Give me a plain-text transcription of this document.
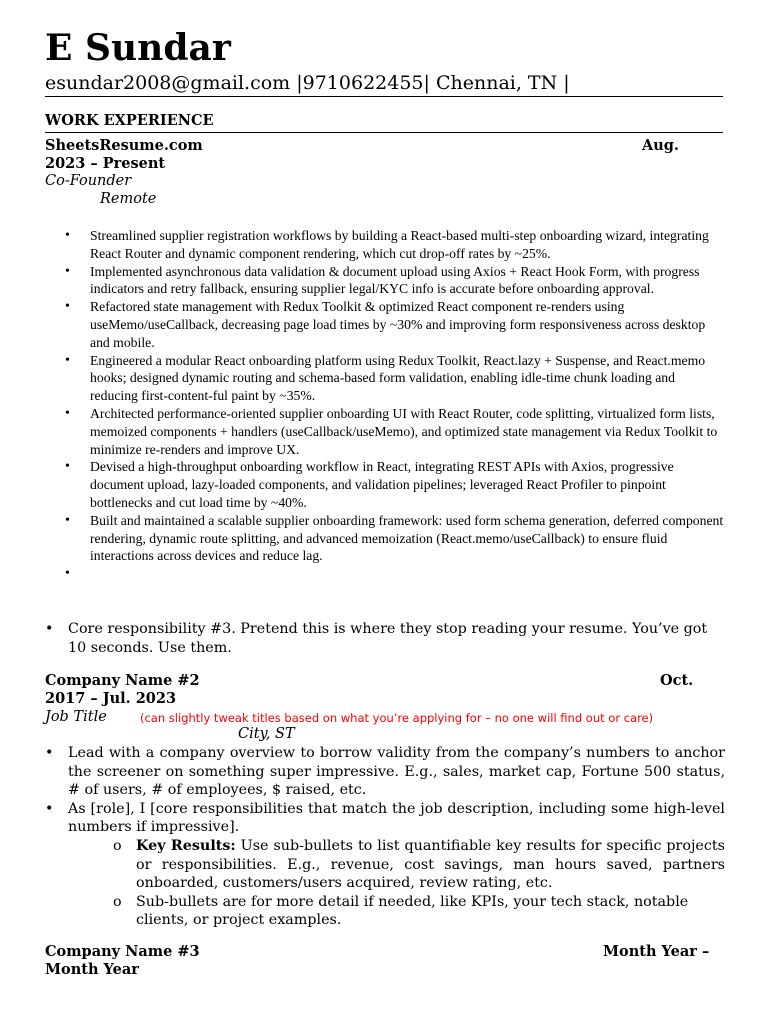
E Sundar
esundar2008@gmail.com |9710622455| Chennai, TN |
WORK EXPERIENCE
SheetsResume.com	Aug.
2023 – Present
Co-Founder
Remote
• Streamlined supplier registration workflows by building a React-based multi-step onboarding wizard, integrating React Router and dynamic component rendering, which cut drop-off rates by ~25%.
• Implemented asynchronous data validation & document upload using Axios + React Hook Form, with progress indicators and retry fallback, ensuring supplier legal/KYC info is accurate before onboarding approval.
• Refactored state management with Redux Toolkit & optimized React component re-renders using useMemo/useCallback, decreasing page load times by ~30% and improving form responsiveness across desktop and mobile.
• Engineered a modular React onboarding platform using Redux Toolkit, React.lazy + Suspense, and React.memo hooks; designed dynamic routing and schema-based form validation, enabling idle-time chunk loading and reducing first-content-ful paint by ~35%.
• Architected performance-oriented supplier onboarding UI with React Router, code splitting, virtualized form lists, memoized components + handlers (useCallback/useMemo), and optimized state management via Redux Toolkit to minimize re-renders and improve UX.
• Devised a high-throughput onboarding workflow in React, integrating REST APIs with Axios, progressive document upload, lazy-loaded components, and validation pipelines; leveraged React Profiler to pinpoint bottlenecks and cut load time by ~40%.
• Built and maintained a scalable supplier onboarding framework: used form schema generation, deferred component rendering, dynamic route splitting, and advanced memoization (React.memo/useCallback) to ensure fluid interactions across devices and reduce lag.
•
• Core responsibility #3. Pretend this is where they stop reading your resume. You’ve got 10 seconds. Use them.
Company Name #2	Oct.
2017 – Jul. 2023
Job Title	(can slightly tweak titles based on what you’re applying for – no one will find out or care)
City, ST
• Lead with a company overview to borrow validity from the company’s numbers to anchor the screener on something super impressive. E.g., sales, market cap, Fortune 500 status, # of users, # of employees, $ raised, etc.
• As [role], I [core responsibilities that match the job description, including some high-level numbers if impressive].
o Key Results: Use sub-bullets to list quantifiable key results for specific projects or responsibilities. E.g., revenue, cost savings, man hours saved, partners onboarded, customers/users acquired, review rating, etc.
o Sub-bullets are for more detail if needed, like KPIs, your tech stack, notable clients, or project examples.
Company Name #3	Month Year –
Month Year
